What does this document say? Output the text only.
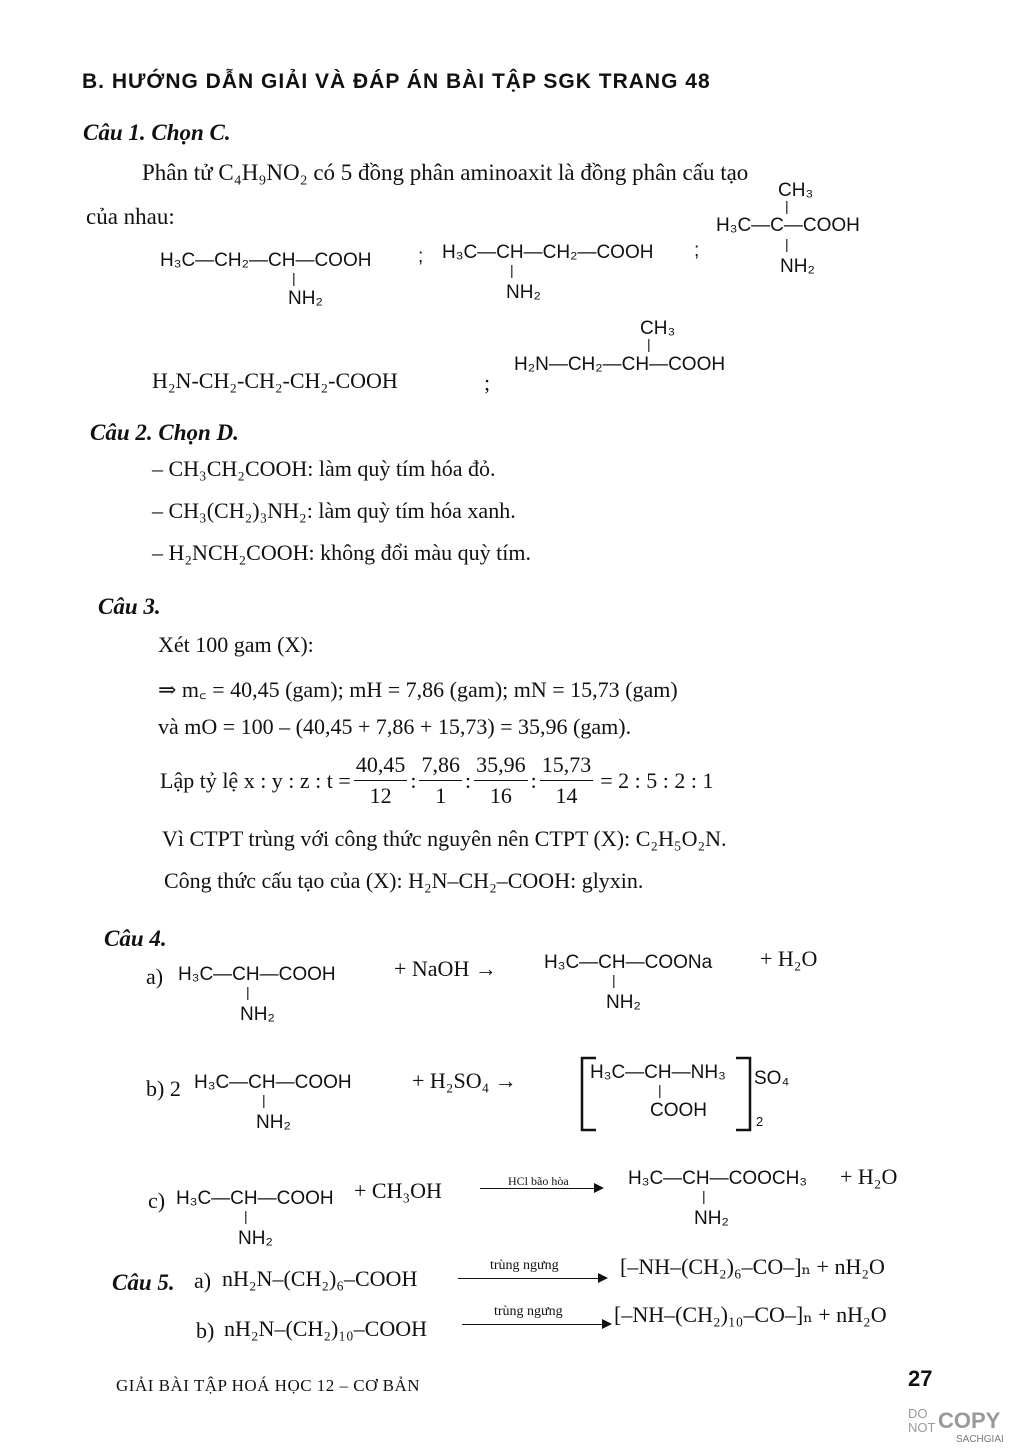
B. HƯỚNG DẪN GIẢI VÀ ĐÁP ÁN BÀI TẬP SGK TRANG 48
Câu 1. Chọn C.
Phân tử C₄H₉NO₂ có 5 đồng phân aminoaxit là đồng phân cấu tạo
của nhau:
H₃C—CH₂—CH—COOH
|
NH₂
; H₃C—CH—CH₂—COOH
|
NH₂
;
CH₃
|
H₃C—C—COOH
|
NH₂
H₂N-CH₂-CH₂-CH₂-COOH	;
CH₃
|
H₂N—CH₂—CH—COOH
Câu 2. Chọn D.
– CH₃CH₂COOH: làm quỳ tím hóa đỏ.
– CH₃(CH₂)₃NH₂: làm quỳ tím hóa xanh.
– H₂NCH₂COOH: không đổi màu quỳ tím.
Câu 3.
Xét 100 gam (X):
⇒ m꜀ = 40,45 (gam); mH = 7,86 (gam); mN = 15,73 (gam)
và mO = 100 – (40,45 + 7,86 + 15,73) = 35,96 (gam).
Lập tỷ lệ x : y : z : $t = \frac{40,45}{12}$ : $\frac{7,86}{1}$ : $\frac{35,96}{16}$ : $\frac{15,73}{14} = 2$ : 5 : 2 : 1
Vì CTPT trùng với công thức nguyên nên CTPT (X): C₂H₅O₂N.
Công thức cấu tạo của (X): H₂N–CH₂–COOH: glyxin.
Câu 4.
a) H₃C—CH—COOH
|
NH₂
+ NaOH → H₃C—CH—COONa
|
NH₂
+ H₂O
b) 2 H₃C—CH—COOH
|
NH₂
+ H₂SO₄ →	H₃C—CH—NH₃
|
COOH
SO₄
2
c) H₃C—CH—COOH
|
NH₂
+ CH₃OH	HCl bão hòa	H₃C—CH—COOCH₃
|
NH₂
+ H₂O
Câu 5. a) nH₂N–(CH₂)₆–COOH
trùng ngưng	[–NH–(CH₂)₆–CO–]ₙ + nH₂O
b) nH₂N–(CH₂)₁₀–COOH
trùng ngưng [–NH–(CH₂)₁₀–CO–]ₙ + nH₂O
GIẢI BÀI TẬP HOÁ HỌC 12 – CƠ BẢN	27
DO
NOT COPY
SACHGIAI
